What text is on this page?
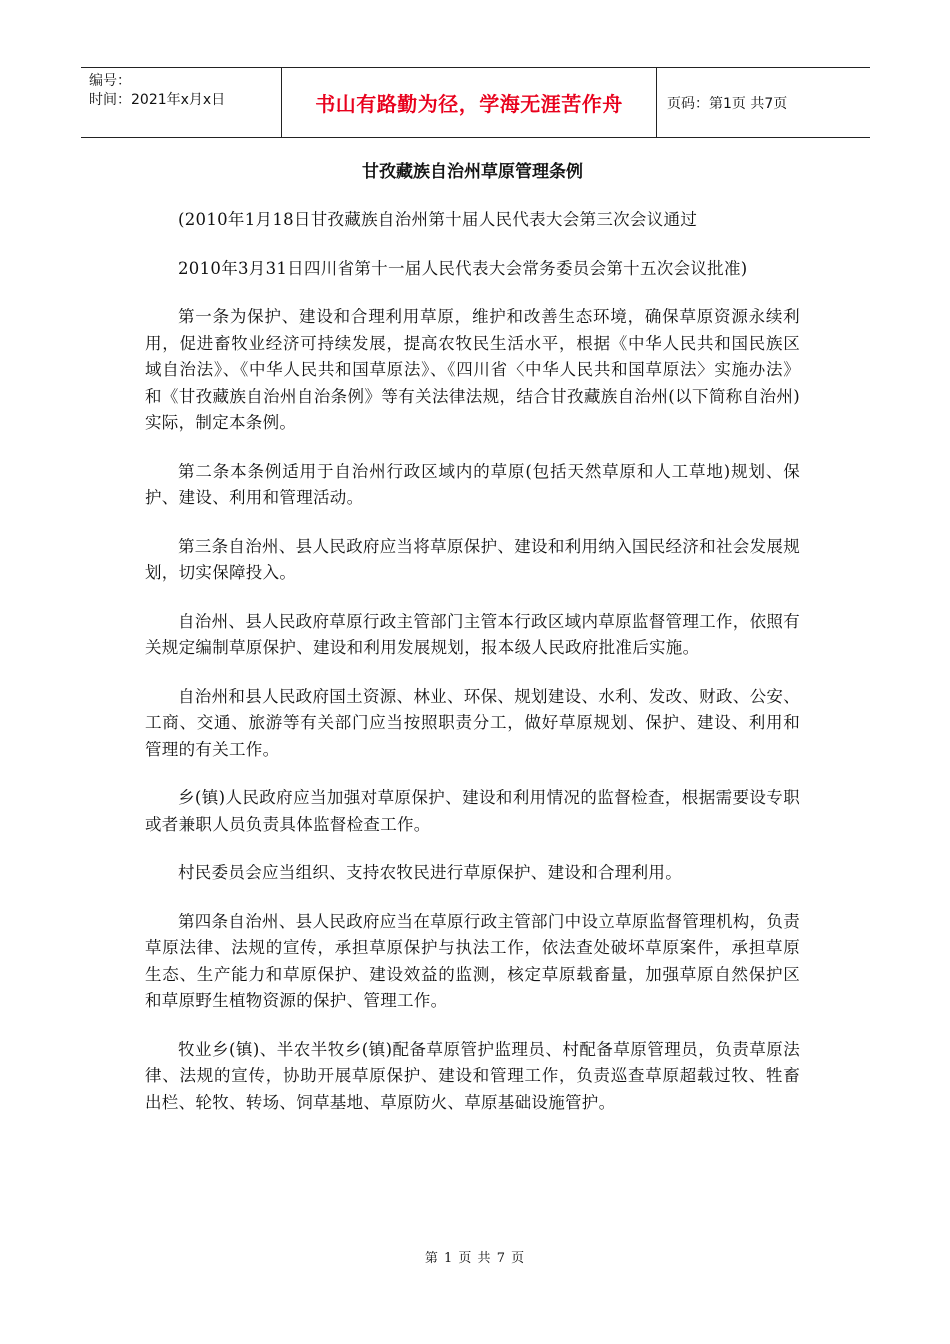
编号：
时间：2021年x月x日	书山有路勤为径，学海无涯苦作舟	页码：第1页 共7页
甘孜藏族自治州草原管理条例

(2010年1月18日甘孜藏族自治州第十届人民代表大会第三次会议通过

2010年3月31日四川省第十一届人民代表大会常务委员会第十五次会议批准)

第一条为保护、建设和合理利用草原，维护和改善生态环境，确保草原资源永续利用，促进畜牧业经济可持续发展，提高农牧民生活水平，根据《中华人民共和国民族区域自治法》、《中华人民共和国草原法》、《四川省〈中华人民共和国草原法〉实施办法》和《甘孜藏族自治州自治条例》等有关法律法规，结合甘孜藏族自治州(以下简称自治州)实际，制定本条例。

第二条本条例适用于自治州行政区域内的草原(包括天然草原和人工草地)规划、保护、建设、利用和管理活动。

第三条自治州、县人民政府应当将草原保护、建设和利用纳入国民经济和社会发展规划，切实保障投入。

自治州、县人民政府草原行政主管部门主管本行政区域内草原监督管理工作，依照有关规定编制草原保护、建设和利用发展规划，报本级人民政府批准后实施。

自治州和县人民政府国土资源、林业、环保、规划建设、水利、发改、财政、公安、工商、交通、旅游等有关部门应当按照职责分工，做好草原规划、保护、建设、利用和管理的有关工作。

乡(镇)人民政府应当加强对草原保护、建设和利用情况的监督检查，根据需要设专职或者兼职人员负责具体监督检查工作。

村民委员会应当组织、支持农牧民进行草原保护、建设和合理利用。

第四条自治州、县人民政府应当在草原行政主管部门中设立草原监督管理机构，负责草原法律、法规的宣传，承担草原保护与执法工作，依法查处破坏草原案件，承担草原生态、生产能力和草原保护、建设效益的监测，核定草原载畜量，加强草原自然保护区和草原野生植物资源的保护、管理工作。

牧业乡(镇)、半农半牧乡(镇)配备草原管护监理员、村配备草原管理员，负责草原法律、法规的宣传，协助开展草原保护、建设和管理工作，负责巡查草原超载过牧、牲畜出栏、轮牧、转场、饲草基地、草原防火、草原基础设施管护。

第 1 页 共 7 页
